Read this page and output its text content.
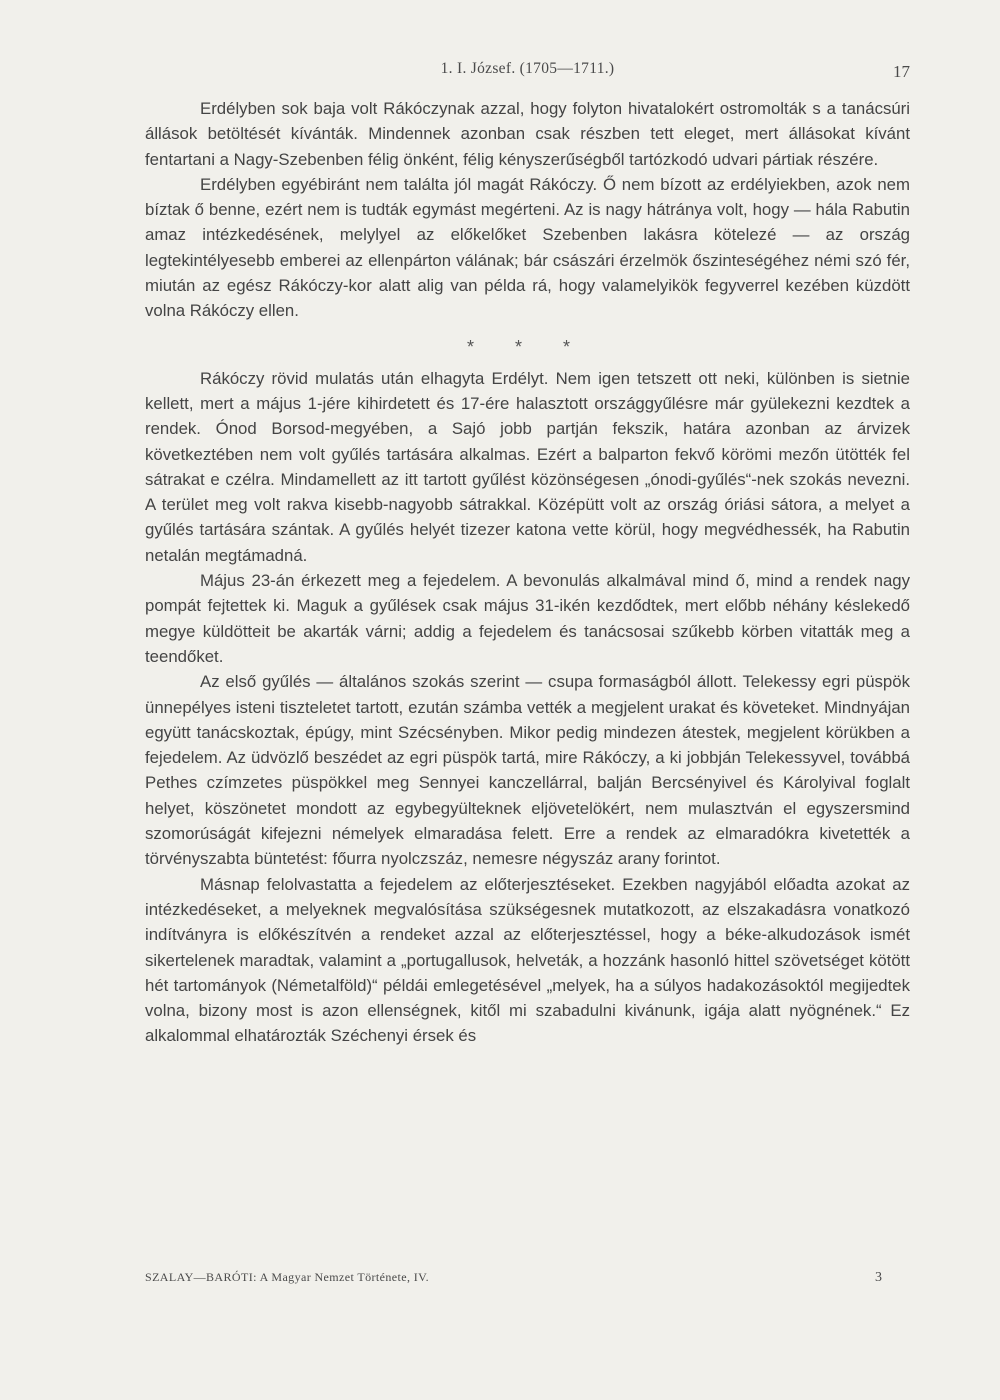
1. I. József. (1705—1711.)	17

Erdélyben sok baja volt Rákóczynak azzal, hogy folyton hivatalokért ostromolták s a tanácsúri állások betöltését kívánták. Mindennek azonban csak részben tett eleget, mert állásokat kívánt fentartani a Nagy-Szebenben félig önként, félig kényszerűségből tartózkodó udvari pártiak részére.

Erdélyben egyébiránt nem találta jól magát Rákóczy. Ő nem bízott az erdélyiekben, azok nem bíztak ő benne, ezért nem is tudták egymást megérteni. Az is nagy hátránya volt, hogy — hála Rabutin amaz intézkedésének, melylyel az előkelőket Szebenben lakásra kötelezé — az ország legtekintélyesebb emberei az ellenpárton válának; bár császári érzelmök őszinteségéhez némi szó fér, miután az egész Rákóczy-kor alatt alig van példa rá, hogy valamelyikök fegyverrel kezében küzdött volna Rákóczy ellen.

* * *

Rákóczy rövid mulatás után elhagyta Erdélyt. Nem igen tetszett ott neki, különben is sietnie kellett, mert a május 1-jére kihirdetett és 17-ére halasztott országgyűlésre már gyülekezni kezdtek a rendek. Ónod Borsod-megyében, a Sajó jobb partján fekszik, határa azonban az árvizek következtében nem volt gyűlés tartására alkalmas. Ezért a balparton fekvő körömi mezőn ütötték fel sátrakat e czélra. Mindamellett az itt tartott gyűlést közönségesen „ónodi-gyűlés“-nek szokás nevezni. A terület meg volt rakva kisebb-nagyobb sátrakkal. Középütt volt az ország óriási sátora, a melyet a gyűlés tartására szántak. A gyűlés helyét tizezer katona vette körül, hogy megvédhessék, ha Rabutin netalán megtámadná.

Május 23-án érkezett meg a fejedelem. A bevonulás alkalmával mind ő, mind a rendek nagy pompát fejtettek ki. Maguk a gyűlések csak május 31-ikén kezdődtek, mert előbb néhány késlekedő megye küldötteit be akarták várni; addig a fejedelem és tanácsosai szűkebb körben vitatták meg a teendőket.

Az első gyűlés — általános szokás szerint — csupa formaságból állott. Telekessy egri püspök ünnepélyes isteni tiszteletet tartott, ezután számba vették a megjelent urakat és követeket. Mindnyájan együtt tanácskoztak, épúgy, mint Szécsényben. Mikor pedig mindezen átestek, megjelent körükben a fejedelem. Az üdvözlő beszédet az egri püspök tartá, mire Rákóczy, a ki jobbján Telekessyvel, továbbá Pethes czímzetes püspökkel meg Sennyei kanczellárral, balján Bercsényivel és Károlyival foglalt helyet, köszönetet mondott az egybegyülteknek eljövetelökért, nem mulasztván el egyszersmind szomorúságát kifejezni némelyek elmaradása felett. Erre a rendek az elmaradókra kivetették a törvényszabta büntetést: főurra nyolczszáz, nemesre négyszáz arany forintot.

Másnap felolvastatta a fejedelem az előterjesztéseket. Ezekben nagyjából előadta azokat az intézkedéseket, a melyeknek megvalósítása szükségesnek mutatkozott, az elszakadásra vonatkozó indítványra is előkészítvén a rendeket azzal az előterjesztéssel, hogy a béke-alkudozások ismét sikertelenek maradtak, valamint a „portugallusok, helveták, a hozzánk hasonló hittel szövetséget kötött hét tartományok (Németalföld)“ példái emlegetésével „melyek, ha a súlyos hadakozásoktól megijedtek volna, bizony most is azon ellenségnek, kitől mi szabadulni kivánunk, igája alatt nyögnének.“ Ez alkalommal elhatározták Széchenyi érsek és

SZALAY—BARÓTI: A Magyar Nemzet Története, IV.	3
